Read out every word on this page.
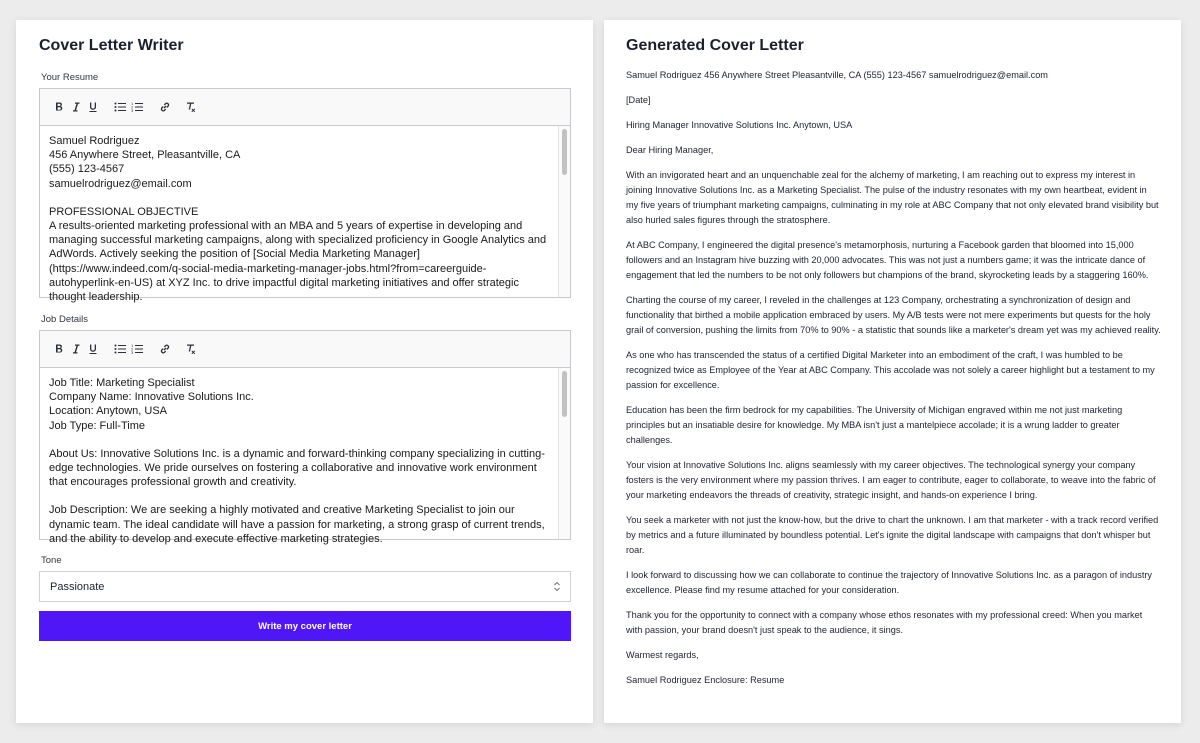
Cover Letter Writer
Your Resume
1
2
3
Samuel Rodriguez
456 Anywhere Street, Pleasantville, CA
(555) 123-4567
samuelrodriguez@email.com
PROFESSIONAL OBJECTIVE
A results-oriented marketing professional with an MBA and 5 years of expertise in developing and managing successful marketing campaigns, along with specialized proficiency in Google Analytics and AdWords. Actively seeking the position of [Social Media Marketing Manager](https://www.indeed.com/q-social-media-marketing-manager-jobs.html?from=careerguide-autohyperlink-en-US) at XYZ Inc. to drive impactful digital marketing initiatives and offer strategic thought leadership.
Job Details
1
2
3
Job Title: Marketing Specialist
Company Name: Innovative Solutions Inc.
Location: Anytown, USA
Job Type: Full-Time
About Us: Innovative Solutions Inc. is a dynamic and forward-thinking company specializing in cutting-edge technologies. We pride ourselves on fostering a collaborative and innovative work environment that encourages professional growth and creativity.
Job Description: We are seeking a highly motivated and creative Marketing Specialist to join our dynamic team. The ideal candidate will have a passion for marketing, a strong grasp of current trends, and the ability to develop and execute effective marketing strategies.
Tone
Passionate
Write my cover letter
Generated Cover Letter
Samuel Rodriguez 456 Anywhere Street Pleasantville, CA (555) 123-4567 samuelrodriguez@email.com
[Date]
Hiring Manager Innovative Solutions Inc. Anytown, USA
Dear Hiring Manager,
With an invigorated heart and an unquenchable zeal for the alchemy of marketing, I am reaching out to express my interest in joining Innovative Solutions Inc. as a Marketing Specialist. The pulse of the industry resonates with my own heartbeat, evident in my five years of triumphant marketing campaigns, culminating in my role at ABC Company that not only elevated brand visibility but also hurled sales figures through the stratosphere.
At ABC Company, I engineered the digital presence's metamorphosis, nurturing a Facebook garden that bloomed into 15,000 followers and an Instagram hive buzzing with 20,000 advocates. This was not just a numbers game; it was the intricate dance of engagement that led the numbers to be not only followers but champions of the brand, skyrocketing leads by a staggering 160%.
Charting the course of my career, I reveled in the challenges at 123 Company, orchestrating a synchronization of design and functionality that birthed a mobile application embraced by users. My A/B tests were not mere experiments but quests for the holy grail of conversion, pushing the limits from 70% to 90% - a statistic that sounds like a marketer's dream yet was my achieved reality.
As one who has transcended the status of a certified Digital Marketer into an embodiment of the craft, I was humbled to be recognized twice as Employee of the Year at ABC Company. This accolade was not solely a career highlight but a testament to my passion for excellence.
Education has been the firm bedrock for my capabilities. The University of Michigan engraved within me not just marketing principles but an insatiable desire for knowledge. My MBA isn't just a mantelpiece accolade; it is a wrung ladder to greater challenges.
Your vision at Innovative Solutions Inc. aligns seamlessly with my career objectives. The technological synergy your company fosters is the very environment where my passion thrives. I am eager to contribute, eager to collaborate, to weave into the fabric of your marketing endeavors the threads of creativity, strategic insight, and hands-on experience I bring.
You seek a marketer with not just the know-how, but the drive to chart the unknown. I am that marketer - with a track record verified by metrics and a future illuminated by boundless potential. Let's ignite the digital landscape with campaigns that don't whisper but roar.
I look forward to discussing how we can collaborate to continue the trajectory of Innovative Solutions Inc. as a paragon of industry excellence. Please find my resume attached for your consideration.
Thank you for the opportunity to connect with a company whose ethos resonates with my professional creed: When you market with passion, your brand doesn't just speak to the audience, it sings.
Warmest regards,
Samuel Rodriguez Enclosure: Resume
